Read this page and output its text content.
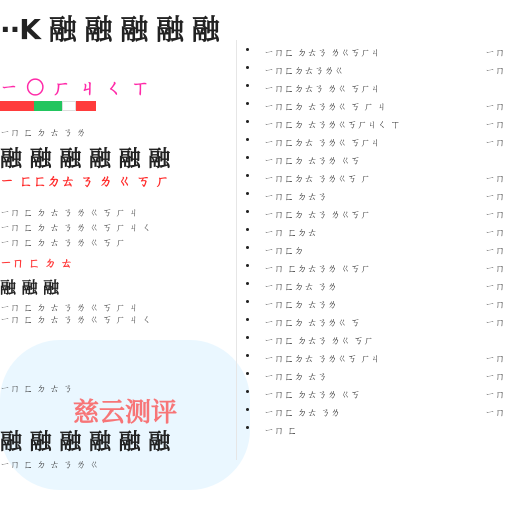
··K 融 融 融 融 融
ㄧ 〇 ㄏ ㄐ ㄑ ㄒ
ㄧㄇ ㄈ ㄉ ㄊ ㄋ ㄌ
融 融 融 融 融 融
ㄧ ㄈㄈㄉㄊ ㄋ ㄌ ㄍ ㄎ ㄏ
ㄧㄇ ㄈ ㄉ ㄊ ㄋ ㄌ ㄍ ㄎ ㄏ ㄐ
ㄧㄇ ㄈ ㄉ ㄊ ㄋ ㄌ ㄍ ㄎ ㄏ ㄐ ㄑ
ㄧㄇ ㄈ ㄉ ㄊ ㄋ ㄌ ㄍ ㄎ ㄏ
ㄧㄇ ㄈ ㄉ ㄊ
融 融 融
ㄧㄇ ㄈ ㄉ ㄊ ㄋ ㄌ ㄍ ㄎ ㄏ ㄐ
ㄧㄇ ㄈ ㄉ ㄊ ㄋ ㄌ ㄍ ㄎ ㄏ ㄐ ㄑ
ㄧㄇ ㄈ ㄉ ㄊ ㄋ
慈云测评
融 融 融 融 融 融
ㄧㄇ ㄈ ㄉ ㄊ ㄋ ㄌ ㄍ
ㄧㄇㄈ ㄉㄊㄋ ㄌㄍㄎㄏㄐ	ㄧㄇ
ㄧㄇㄈㄉㄊㄋㄌㄍ	ㄧㄇ
ㄧㄇㄈㄉㄊㄋ ㄌㄍ ㄎㄏㄐ
ㄧㄇㄈㄉ ㄊㄋㄌㄍ ㄎ ㄏ ㄐ	ㄧㄇ
ㄧㄇㄈㄉ ㄊㄋㄌㄍㄎㄏㄐㄑ ㄒ	ㄧㄇ
ㄧㄇㄈㄉㄊ ㄋㄌㄍ ㄎㄏㄐ	ㄧㄇ
ㄧㄇㄈㄉ ㄊㄋㄌ ㄍㄎ
ㄧㄇㄈㄉㄊ ㄋㄌㄍㄎ ㄏ	ㄧㄇ
ㄧㄇㄈ ㄉㄊㄋ	ㄧㄇ
ㄧㄇㄈㄉ ㄊㄋ ㄌㄍㄎㄏ	ㄧㄇ
ㄧㄇ ㄈㄉㄊ	ㄧㄇ
ㄧㄇㄈㄉ	ㄧㄇ
ㄧㄇ ㄈㄉㄊㄋㄌ ㄍㄎㄏ	ㄧㄇ
ㄧㄇㄈㄉㄊ ㄋㄌ	ㄧㄇ
ㄧㄇㄈㄉ ㄊㄋㄌ	ㄧㄇ
ㄧㄇㄈㄉ ㄊㄋㄌㄍ ㄎ	ㄧㄇ
ㄧㄇㄈ ㄉㄊㄋ ㄌㄍ ㄎㄏ
ㄧㄇㄈㄉㄊ ㄋㄌㄍㄎ ㄏㄐ	ㄧㄇ
ㄧㄇㄈㄉ ㄊㄋ	ㄧㄇ
ㄧㄇㄈ ㄉㄊㄋㄌ ㄍㄎ	ㄧㄇ
ㄧㄇㄈ ㄉㄊ ㄋㄌ	ㄧㄇ
ㄧㄇ ㄈ
